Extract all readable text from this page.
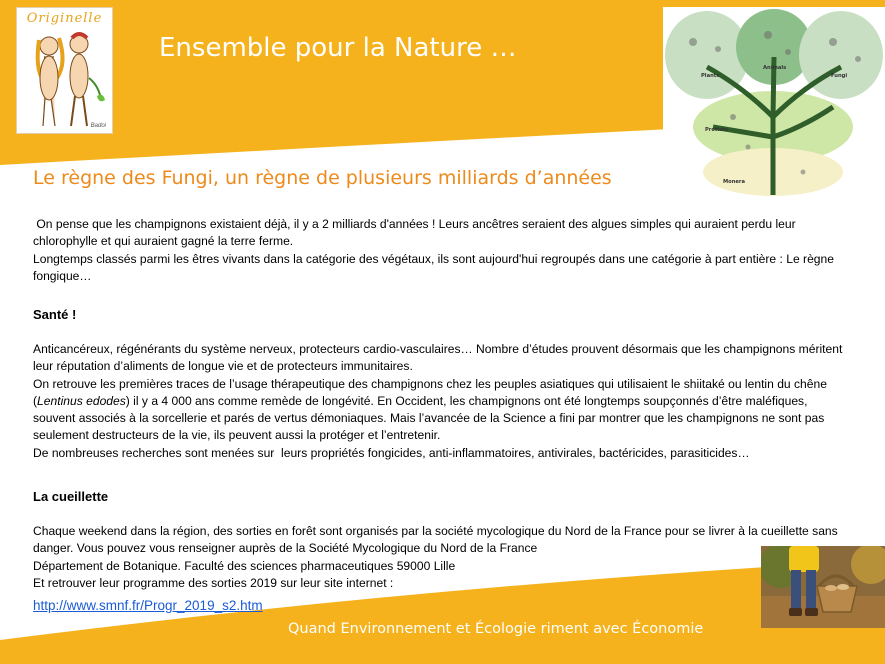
Originelle
Badoi
Ensemble pour la Nature …
Plants
Animals
Fungi
Protists
Monera
Le règne des Fungi, un règne de plusieurs milliards d’années

On pense que les champignons existaient déjà, il y a 2 milliards d'années ! Leurs ancêtres seraient des algues simples qui auraient perdu leur chlorophylle et qui auraient gagné la terre ferme.

Longtemps classés parmi les êtres vivants dans la catégorie des végétaux, ils sont aujourd'hui regroupés dans une catégorie à part entière : Le règne fongique…

Santé !

Anticancéreux, régénérants du système nerveux, protecteurs cardio-vasculaires… Nombre d’études prouvent désormais que les champignons méritent leur réputation d’aliments de longue vie et de protecteurs immunitaires.

On retrouve les premières traces de l’usage thérapeutique des champignons chez les peuples asiatiques qui utilisaient le shiitaké ou lentin du chêne (Lentinus edodes) il y a 4 000 ans comme remède de longévité. En Occident, les champignons ont été longtemps soupçonnés d’être maléfiques, souvent associés à la sorcellerie et parés de vertus démoniaques. Mais l’avancée de la Science a fini par montrer que les champignons ne sont pas seulement destructeurs de la vie, ils peuvent aussi la protéger et l’entretenir.

De nombreuses recherches sont menées sur  leurs propriétés fongicides, anti-inflammatoires, antivirales, bactéricides, parasiticides…

La cueillette

Chaque weekend dans la région, des sorties en forêt sont organisés par la société mycologique du Nord de la France pour se livrer à la cueillette sans danger. Vous pouvez vous renseigner auprès de la Société Mycologique du Nord de la France

Département de Botanique. Faculté des sciences pharmaceutiques 59000 Lille

Et retrouver leur programme des sorties 2019 sur leur site internet :

http://www.smnf.fr/Progr_2019_s2.htm
Quand Environnement et Écologie riment avec Économie
